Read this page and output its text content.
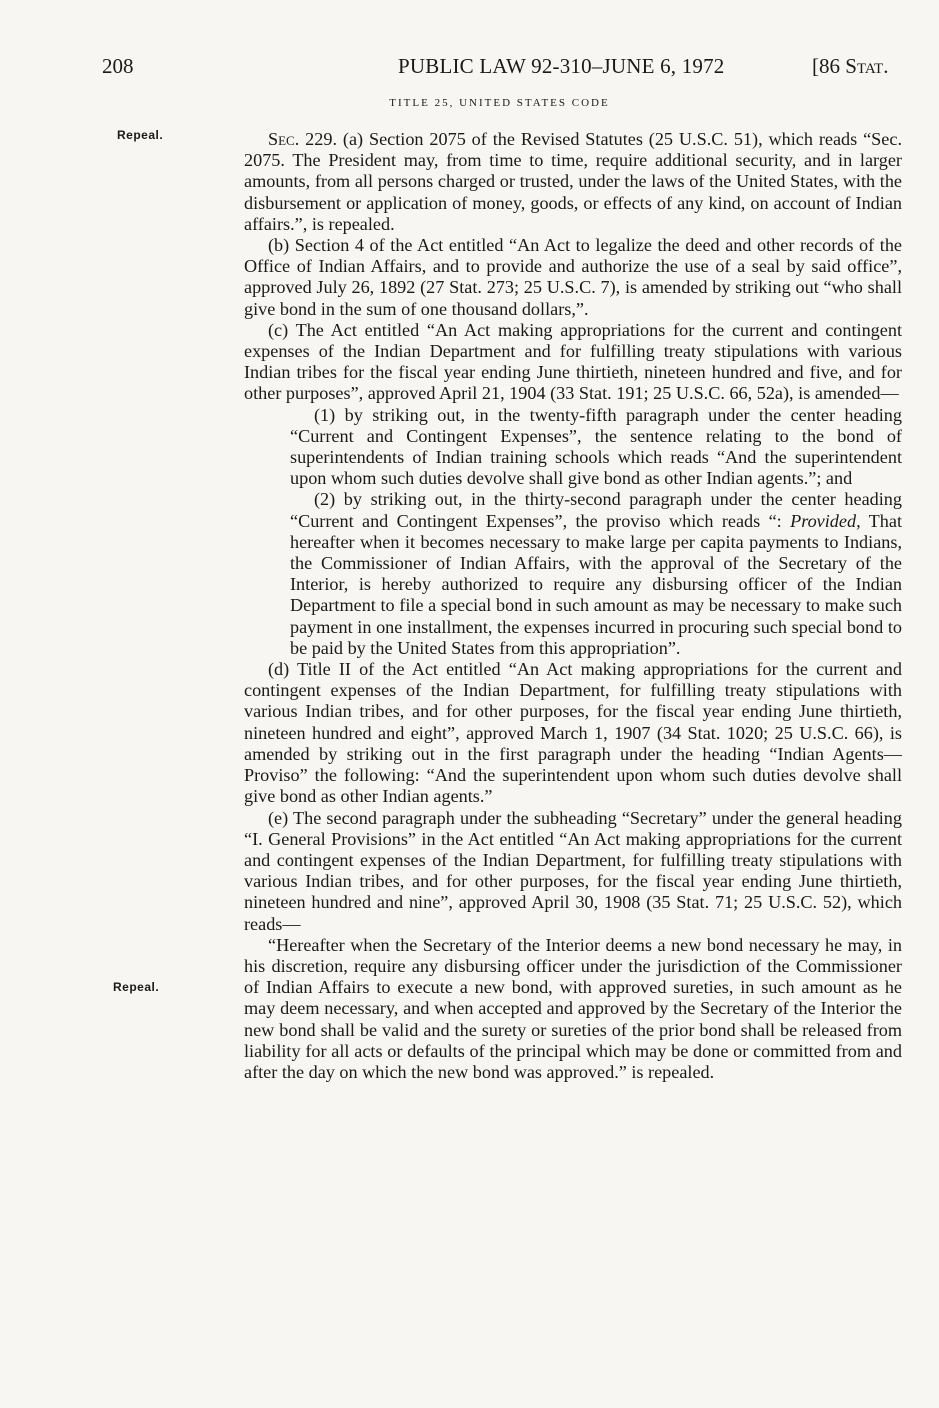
208	PUBLIC LAW 92-310–JUNE 6, 1972	[86 Stat.
TITLE 25, UNITED STATES CODE
Repeal.
Repeal.

Sec. 229. (a) Section 2075 of the Revised Statutes (25 U.S.C. 51), which reads “Sec. 2075. The President may, from time to time, require additional security, and in larger amounts, from all persons charged or trusted, under the laws of the United States, with the disbursement or application of money, goods, or effects of any kind, on account of Indian affairs.”, is repealed.

(b) Section 4 of the Act entitled “An Act to legalize the deed and other records of the Office of Indian Affairs, and to provide and authorize the use of a seal by said office”, approved July 26, 1892 (27 Stat. 273; 25 U.S.C. 7), is amended by striking out “who shall give bond in the sum of one thousand dollars,”.

(c) The Act entitled “An Act making appropriations for the current and contingent expenses of the Indian Department and for fulfilling treaty stipulations with various Indian tribes for the fiscal year ending June thirtieth, nineteen hundred and five, and for other purposes”, approved April 21, 1904 (33 Stat. 191; 25 U.S.C. 66, 52a), is amended—

(1) by striking out, in the twenty-fifth paragraph under the center heading “Current and Contingent Expenses”, the sentence relating to the bond of superintendents of Indian training schools which reads “And the superintendent upon whom such duties devolve shall give bond as other Indian agents.”; and

(2) by striking out, in the thirty-second paragraph under the center heading “Current and Contingent Expenses”, the proviso which reads “: Provided, That hereafter when it becomes necessary to make large per capita payments to Indians, the Commissioner of Indian Affairs, with the approval of the Secretary of the Interior, is hereby authorized to require any disbursing officer of the Indian Department to file a special bond in such amount as may be necessary to make such payment in one installment, the expenses incurred in procuring such special bond to be paid by the United States from this appropriation”.

(d) Title II of the Act entitled “An Act making appropriations for the current and contingent expenses of the Indian Department, for fulfilling treaty stipulations with various Indian tribes, and for other purposes, for the fiscal year ending June thirtieth, nineteen hundred and eight”, approved March 1, 1907 (34 Stat. 1020; 25 U.S.C. 66), is amended by striking out in the first paragraph under the heading “Indian Agents—Proviso” the following: “And the superintendent upon whom such duties devolve shall give bond as other Indian agents.”

(e) The second paragraph under the subheading “Secretary” under the general heading “I. General Provisions” in the Act entitled “An Act making appropriations for the current and contingent expenses of the Indian Department, for fulfilling treaty stipulations with various Indian tribes, and for other purposes, for the fiscal year ending June thirtieth, nineteen hundred and nine”, approved April 30, 1908 (35 Stat. 71; 25 U.S.C. 52), which reads—

“Hereafter when the Secretary of the Interior deems a new bond necessary he may, in his discretion, require any disbursing officer under the jurisdiction of the Commissioner of Indian Affairs to execute a new bond, with approved sureties, in such amount as he may deem necessary, and when accepted and approved by the Secretary of the Interior the new bond shall be valid and the surety or sureties of the prior bond shall be released from liability for all acts or defaults of the principal which may be done or committed from and after the day on which the new bond was approved.” is repealed.
